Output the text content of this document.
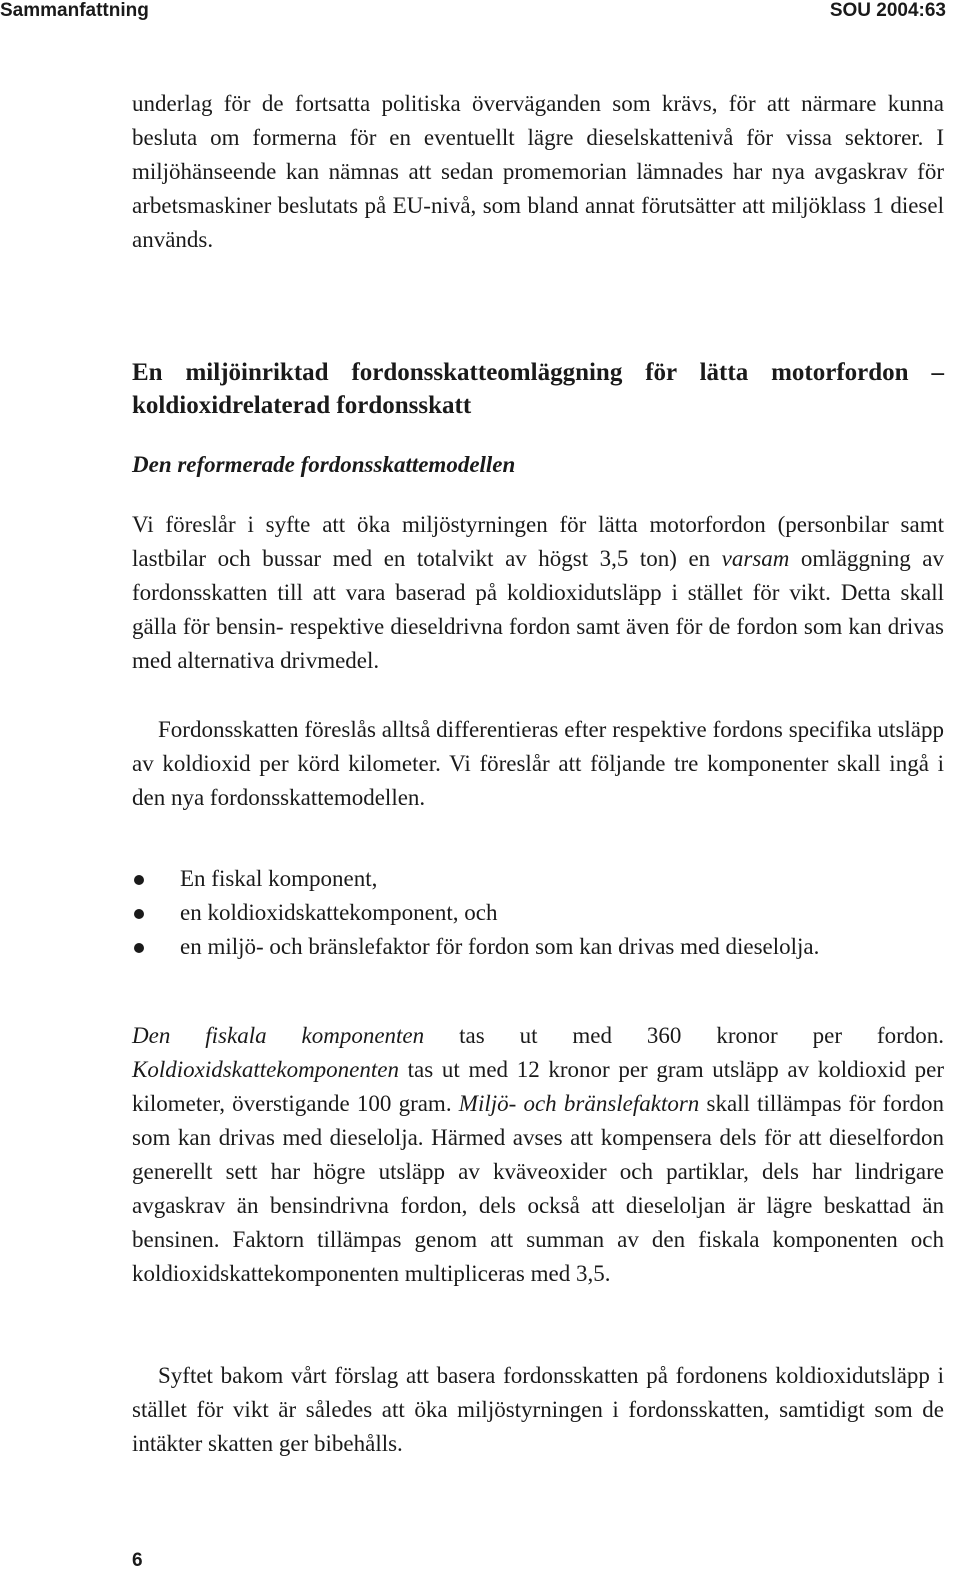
Sammanfattning	SOU 2004:63

underlag för de fortsatta politiska överväganden som krävs, för att närmare kunna besluta om formerna för en eventuellt lägre dieselskattenivå för vissa sektorer. I miljöhänseende kan nämnas att sedan promemorian lämnades har nya avgaskrav för arbetsmaskiner beslutats på EU-nivå, som bland annat förutsätter att miljöklass 1 diesel används.

En miljöinriktad fordonsskatteomläggning för lätta motorfordon – koldioxidrelaterad fordonsskatt
Den reformerade fordonsskattemodellen

Vi föreslår i syfte att öka miljöstyrningen för lätta motorfordon (personbilar samt lastbilar och bussar med en totalvikt av högst 3,5 ton) en varsam omläggning av fordonsskatten till att vara baserad på koldioxidutsläpp i stället för vikt. Detta skall gälla för bensin- respektive dieseldrivna fordon samt även för de fordon som kan drivas med alternativa drivmedel.

Fordonsskatten föreslås alltså differentieras efter respektive fordons specifika utsläpp av koldioxid per körd kilometer. Vi föreslår att följande tre komponenter skall ingå i den nya fordonsskattemodellen.

En fiskal komponent,
en koldioxidskattekomponent, och
en miljö- och bränslefaktor för fordon som kan drivas med dieselolja.

Den fiskala komponenten tas ut med 360 kronor per fordon. Koldioxidskattekomponenten tas ut med 12 kronor per gram utsläpp av koldioxid per kilometer, överstigande 100 gram. Miljö- och bränslefaktorn skall tillämpas för fordon som kan drivas med dieselolja. Härmed avses att kompensera dels för att dieselfordon generellt sett har högre utsläpp av kväveoxider och partiklar, dels har lindrigare avgaskrav än bensindrivna fordon, dels också att dieseloljan är lägre beskattad än bensinen. Faktorn tillämpas genom att summan av den fiskala komponenten och koldioxidskattekomponenten multipliceras med 3,5.

Syftet bakom vårt förslag att basera fordonsskatten på fordonens koldioxidutsläpp i stället för vikt är således att öka miljöstyrningen i fordonsskatten, samtidigt som de intäkter skatten ger bibehålls.

6
